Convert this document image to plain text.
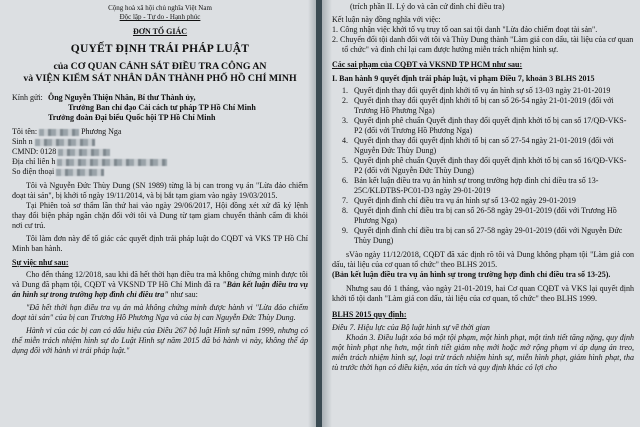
Cộng hoà xã hội chủ nghĩa Việt Nam

Độc lập - Tự do - Hạnh phúc

ĐƠN TỐ GIÁC

QUYẾT ĐỊNH TRÁI PHÁP LUẬT

của CƠ QUAN CẢNH SÁT ĐIỀU TRA CÔNG AN

và VIỆN KIỂM SÁT NHÂN DÂN THÀNH PHỐ HỒ CHÍ MINH

Kính gửi: Ông Nguyễn Thiện Nhân, Bí thư Thành ủy,

Trưởng Ban chỉ đạo Cải cách tư pháp TP Hồ Chí Minh

Trưởng đoàn Đại biểu Quốc hội TP Hồ Chí Minh

Tôi tên:	Phương Nga

Sinh n

CMND: 0128

Địa chỉ liên h

So điện thoại

Tôi và Nguyễn Đức Thùy Dung (SN 1989) từng là bị can trong vụ án "Lừa đảo chiếm đoạt tài sản", bị khởi tố ngày 19/11/2014, và bị bắt tạm giam vào ngày 19/03/2015.

Tại Phiên toà sơ thẩm lần thứ hai vào ngày 29/06/2017, Hội đồng xét xử đã ký lệnh thay đổi biện pháp ngăn chặn đối với tôi và Dung từ tạm giam chuyển thành cấm đi khỏi nơi cư trú.

Tôi làm đơn này để tố giác các quyết định trái pháp luật do CQĐT và VKS TP Hồ Chí Minh ban hành.

Sự việc như sau:

Cho đến tháng 12/2018, sau khi đã hết thời hạn điều tra mà không chứng minh được tôi và Dung đã phạm tội, CQĐT và VKSND TP Hồ Chí Minh đã ra "Bản kết luận điều tra vụ án hình sự trong trường hợp đình chỉ điều tra" như sau:

"Đã hết thời hạn điều tra vụ án mà không chứng minh được hành vi "Lừa đảo chiếm đoạt tài sản" của bị can Trương Hồ Phương Nga và của bị can Nguyễn Đức Thùy Dung.

Hành vi của các bị can có dấu hiệu của Điều 267 bộ luật Hình sự năm 1999, nhưng có thể miễn trách nhiệm hình sự do Luật Hình sự năm 2015 đã bỏ hành vi này, không thể áp dụng đối với hành vi trái pháp luật."

(trích phần II. Lý do và căn cứ đình chỉ điều tra)

Kết luận này đồng nghĩa với việc:

1. Công nhận việc khởi tố vụ truy tố oan sai tội danh "Lừa đảo chiếm đoạt tài sản".

2. Chuyển đổi tội danh đối với tôi và Thùy Dung thành "Làm giả con dấu, tài liệu của cơ quan tổ chức" và đình chỉ lại cam được hưởng miễn trách nhiệm hình sự.

Các sai phạm của CQĐT và VKSND TP HCM như sau:

I. Ban hành 9 quyết định trái pháp luật, vi phạm Điều 7, khoản 3 BLHS 2015

1. Quyết định thay đổi quyết định khởi tố vụ án hình sự số 13-03 ngày 21-01-2019

2. Quyết định thay đổi quyết định khởi tố bị can số 26-54 ngày 21-01-2019 (đối với Trương Hồ Phương Nga)

3. Quyết định phê chuẩn Quyết định thay đổi quyết định khởi tố bị can số 17/QĐ-VKS-P2 (đối với Trương Hồ Phương Nga)

4. Quyết định thay đổi quyết định khởi tố bị can số 27-54 ngày 21-01-2019 (đối với Nguyễn Đức Thùy Dung)

5. Quyết định phê chuẩn Quyết định thay đổi quyết định khởi tố bị can số 16/QĐ-VKS-P2 (đối với Nguyễn Đức Thùy Dung)

6. Bản kết luận điều tra vụ án hình sự trong trường hợp đình chỉ điều tra số 13-25C/KLĐTBS-PC01-D3 ngày 29-01-2019

7. Quyết định đình chỉ điều tra vụ án hình sự số 13-02 ngày 29-01-2019

8. Quyết định đình chỉ điều tra bị can số 26-58 ngày 29-01-2019 (đối với Trương Hồ Phương Nga)

9. Quyết định đình chỉ điều tra bị can số 27-58 ngày 29-01-2019 (đối với Nguyễn Đức Thùy Dung)

sVào ngày 11/12/2018, CQĐT đã xác định rõ tôi và Dung không phạm tội "Làm giả con dấu, tài liệu của cơ quan tổ chức" theo BLHS 2015.

(Bản kết luận điều tra vụ án hình sự trong trường hợp đình chỉ điều tra số 13-25).

Nhưng sau đó 1 tháng, vào ngày 21-01-2019, hai Cơ quan CQĐT và VKS lại quyết định khởi tố tội danh "Làm giả con dấu, tài liệu của cơ quan, tổ chức" theo BLHS 1999.

BLHS 2015 quy định:

Điều 7. Hiệu lực của Bộ luật hình sự về thời gian

Khoản 3. Điều luật xóa bỏ một tội phạm, một hình phạt, một tình tiết tăng nặng, quy định một hình phạt nhẹ hơn, một tình tiết giảm nhẹ mới hoặc mở rộng phạm vi áp dụng án treo, miễn trách nhiệm hình sự, loại trừ trách nhiệm hình sự, miễn hình phạt, giảm hình phạt, tha tù trước thời hạn có điều kiện, xóa án tích và quy định khác có lợi cho
